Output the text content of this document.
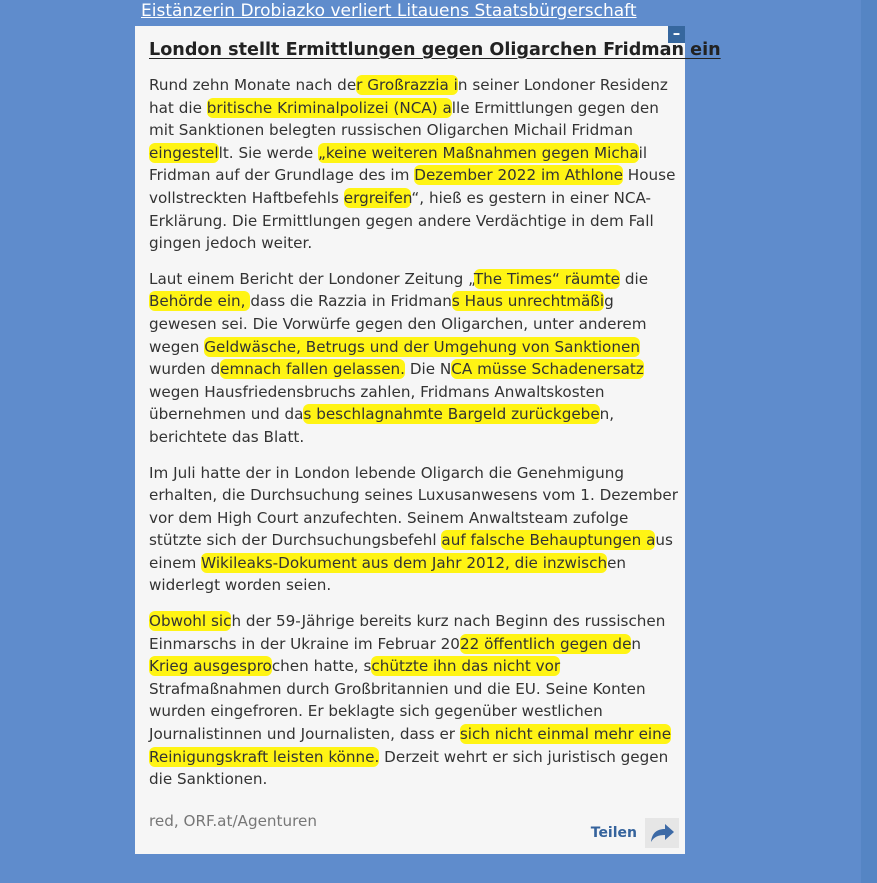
Eistänzerin Drobiazko verliert Litauens Staatsbürgerschaft
–
London stellt Ermittlungen gegen Oligarchen Fridman ein

Rund zehn Monate nach der Großrazzia in seiner Londoner Residenz
hat die britische Kriminalpolizei (NCA) alle Ermittlungen gegen den
mit Sanktionen belegten russischen Oligarchen Michail Fridman
eingestellt. Sie werde „keine weiteren Maßnahmen gegen Michail
Fridman auf der Grundlage des im Dezember 2022 im Athlone House
vollstreckten Haftbefehls ergreifen“, hieß es gestern in einer NCA-
Erklärung. Die Ermittlungen gegen andere Verdächtige in dem Fall
gingen jedoch weiter.

Laut einem Bericht der Londoner Zeitung „The Times“ räumte die
Behörde ein, dass die Razzia in Fridmans Haus unrechtmäßig
gewesen sei. Die Vorwürfe gegen den Oligarchen, unter anderem
wegen Geldwäsche, Betrugs und der Umgehung von Sanktionen
wurden demnach fallen gelassen. Die NCA müsse Schadenersatz
wegen Hausfriedensbruchs zahlen, Fridmans Anwaltskosten
übernehmen und das beschlagnahmte Bargeld zurückgeben,
berichtete das Blatt.

Im Juli hatte der in London lebende Oligarch die Genehmigung
erhalten, die Durchsuchung seines Luxusanwesens vom 1. Dezember
vor dem High Court anzufechten. Seinem Anwaltsteam zufolge
stützte sich der Durchsuchungsbefehl auf falsche Behauptungen aus
einem Wikileaks-Dokument aus dem Jahr 2012, die inzwischen
widerlegt worden seien.

Obwohl sich der 59-Jährige bereits kurz nach Beginn des russischen
Einmarschs in der Ukraine im Februar 2022 öffentlich gegen den
Krieg ausgesprochen hatte, schützte ihn das nicht vor
Strafmaßnahmen durch Großbritannien und die EU. Seine Konten
wurden eingefroren. Er beklagte sich gegenüber westlichen
Journalistinnen und Journalisten, dass er sich nicht einmal mehr eine
Reinigungskraft leisten könne. Derzeit wehrt er sich juristisch gegen
die Sanktionen.

red, ORF.at/Agenturen
Teilen
